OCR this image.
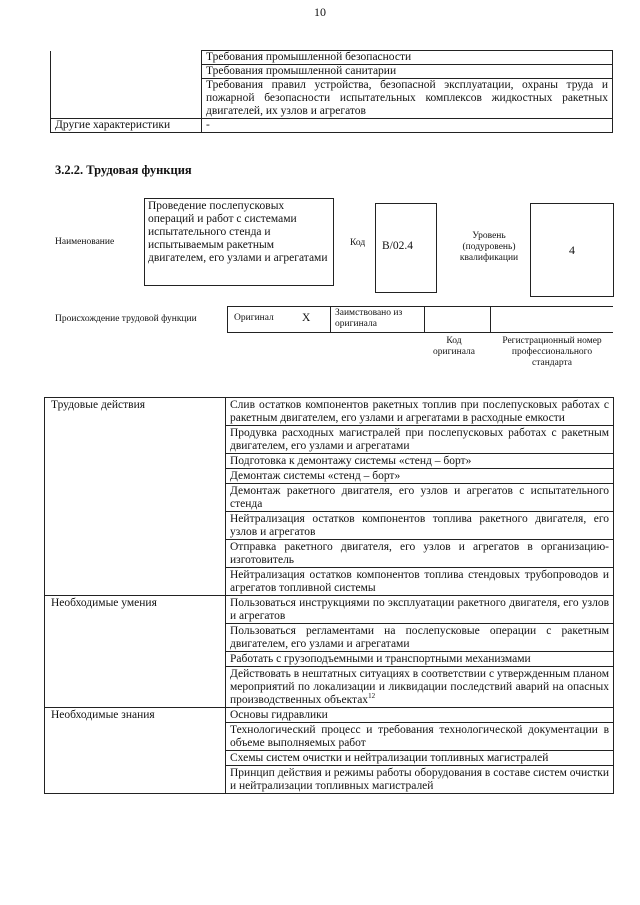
10
	Требования промышленной безопасности
	Требования промышленной санитарии
	Требования правил устройства, безопасной эксплуатации, охраны труда и пожарной безопасности испытательных комплексов жидкостных ракетных двигателей, их узлов и агрегатов
Другие характеристики	-
3.2.2. Трудовая функция
Наименование
Проведение послепусковых операций и работ с системами испытательного стенда и испытываемым ракетным двигателем, его узлами и агрегатами
Код	B/02.4
Уровень (подуровень) квалификации
4
Происхождение трудовой функции	Оригинал X	Заимствовано из оригинала
Код оригинала
Регистрационный номер профессионального стандарта
Трудовые действия	Слив остатков компонентов ракетных топлив при послепусковых работах с ракетным двигателем, его узлами и агрегатами в расходные емкости

	Продувка расходных магистралей при послепусковых работах с ракетным двигателем, его узлами и агрегатами

	Подготовка к демонтажу системы «стенд – борт»

	Демонтаж системы «стенд – борт»

	Демонтаж ракетного двигателя, его узлов и агрегатов с испытательного стенда

	Нейтрализация остатков компонентов топлива ракетного двигателя, его узлов и агрегатов

	Отправка ракетного двигателя, его узлов и агрегатов в организацию-изготовитель

	Нейтрализация остатков компонентов топлива стендовых трубопроводов и агрегатов топливной системы

Необходимые умения	Пользоваться инструкциями по эксплуатации ракетного двигателя, его узлов и агрегатов

	Пользоваться регламентами на послепусковые операции с ракетным двигателем, его узлами и агрегатами

	Работать с грузоподъемными и транспортными механизмами

	Действовать в нештатных ситуациях в соответствии с утвержденным планом мероприятий по локализации и ликвидации последствий аварий на опасных производственных объектах$^{12}$
Необходимые знания	Основы гидравлики

	Технологический процесс и требования технологической документации в объеме выполняемых работ

	Схемы систем очистки и нейтрализации топливных магистралей

	Принцип действия и режимы работы оборудования в составе систем очистки и нейтрализации топливных магистралей
